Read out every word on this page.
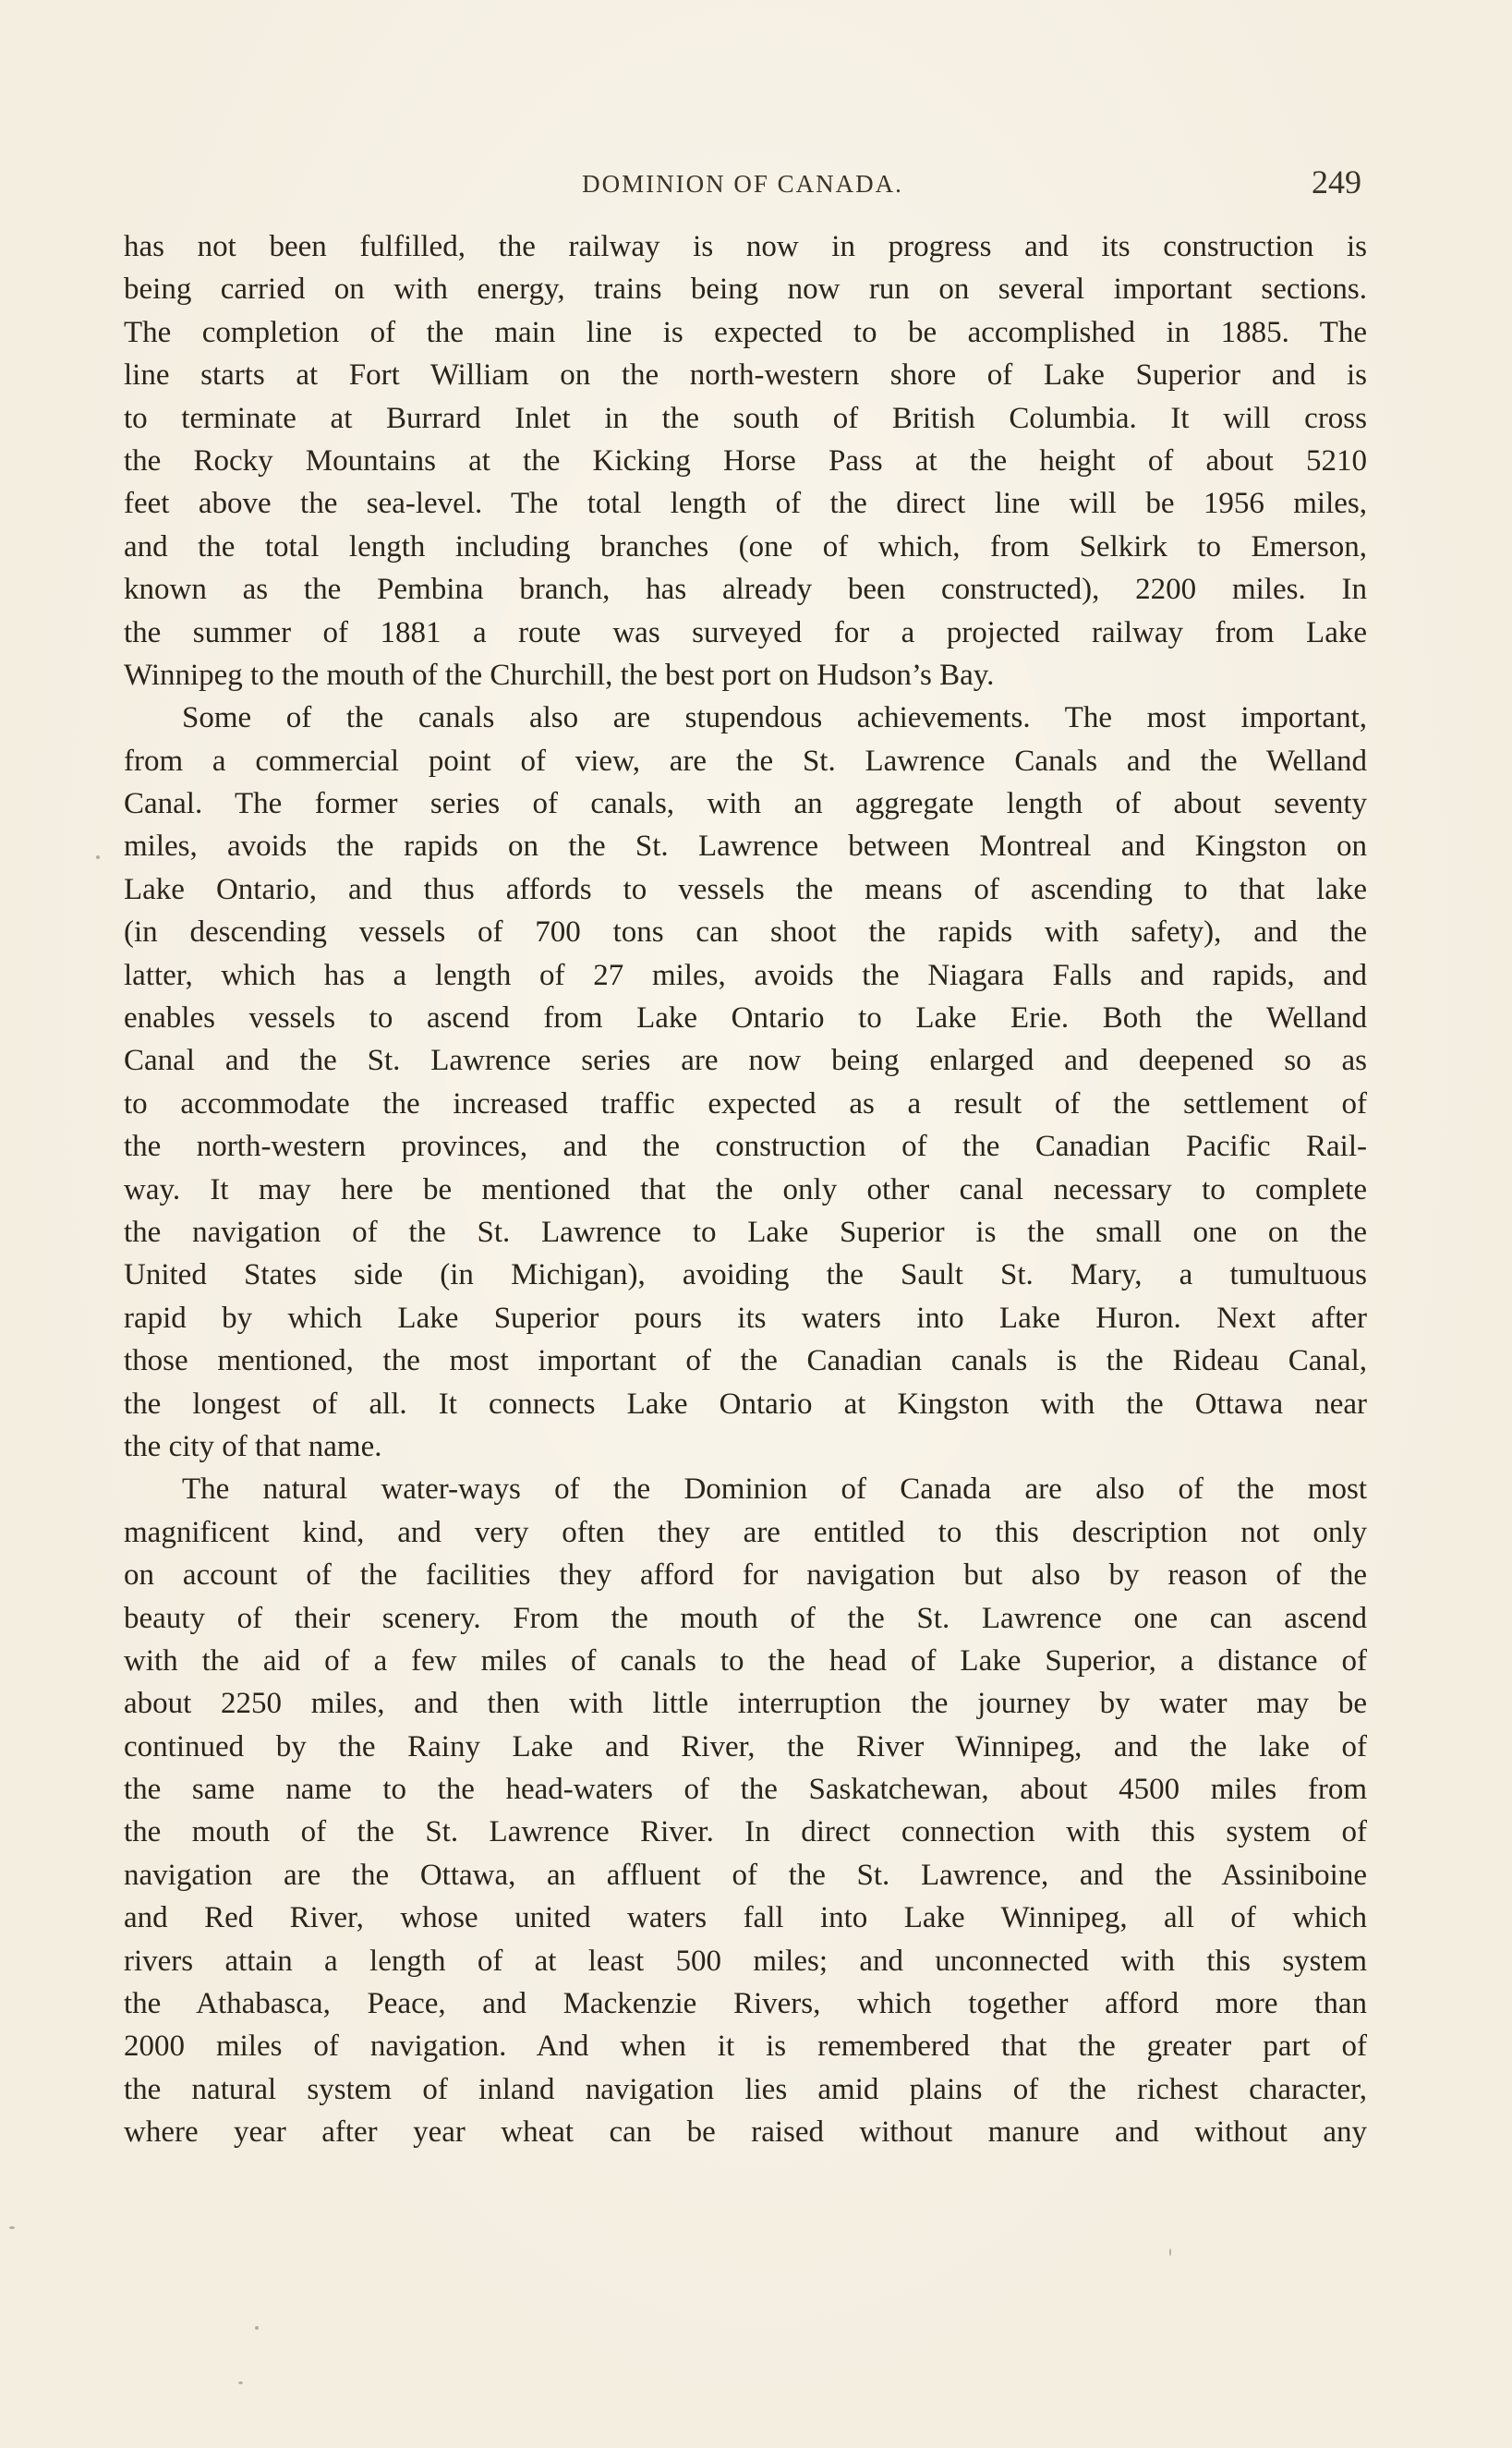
DOMINION OF CANADA.	249
has not been fulfilled, the railway is now in progress and its construction is
being carried on with energy, trains being now run on several important sections.
The completion of the main line is expected to be accomplished in 1885. The
line starts at Fort William on the north-western shore of Lake Superior and is
to terminate at Burrard Inlet in the south of British Columbia. It will cross
the Rocky Mountains at the Kicking Horse Pass at the height of about 5210
feet above the sea-level. The total length of the direct line will be 1956 miles,
and the total length including branches (one of which, from Selkirk to Emerson,
known as the Pembina branch, has already been constructed), 2200 miles. In
the summer of 1881 a route was surveyed for a projected railway from Lake
Winnipeg to the mouth of the Churchill, the best port on Hudson’s Bay.
Some of the canals also are stupendous achievements. The most important,
from a commercial point of view, are the St. Lawrence Canals and the Welland
Canal. The former series of canals, with an aggregate length of about seventy
miles, avoids the rapids on the St. Lawrence between Montreal and Kingston on
Lake Ontario, and thus affords to vessels the means of ascending to that lake
(in descending vessels of 700 tons can shoot the rapids with safety), and the
latter, which has a length of 27 miles, avoids the Niagara Falls and rapids, and
enables vessels to ascend from Lake Ontario to Lake Erie. Both the Welland
Canal and the St. Lawrence series are now being enlarged and deepened so as
to accommodate the increased traffic expected as a result of the settlement of
the north-western provinces, and the construction of the Canadian Pacific Rail-
way. It may here be mentioned that the only other canal necessary to complete
the navigation of the St. Lawrence to Lake Superior is the small one on the
United States side (in Michigan), avoiding the Sault St. Mary, a tumultuous
rapid by which Lake Superior pours its waters into Lake Huron. Next after
those mentioned, the most important of the Canadian canals is the Rideau Canal,
the longest of all. It connects Lake Ontario at Kingston with the Ottawa near
the city of that name.
The natural water-ways of the Dominion of Canada are also of the most
magnificent kind, and very often they are entitled to this description not only
on account of the facilities they afford for navigation but also by reason of the
beauty of their scenery. From the mouth of the St. Lawrence one can ascend
with the aid of a few miles of canals to the head of Lake Superior, a distance of
about 2250 miles, and then with little interruption the journey by water may be
continued by the Rainy Lake and River, the River Winnipeg, and the lake of
the same name to the head-waters of the Saskatchewan, about 4500 miles from
the mouth of the St. Lawrence River. In direct connection with this system of
navigation are the Ottawa, an affluent of the St. Lawrence, and the Assiniboine
and Red River, whose united waters fall into Lake Winnipeg, all of which
rivers attain a length of at least 500 miles; and unconnected with this system
the Athabasca, Peace, and Mackenzie Rivers, which together afford more than
2000 miles of navigation. And when it is remembered that the greater part of
the natural system of inland navigation lies amid plains of the richest character,
where year after year wheat can be raised without manure and without any
